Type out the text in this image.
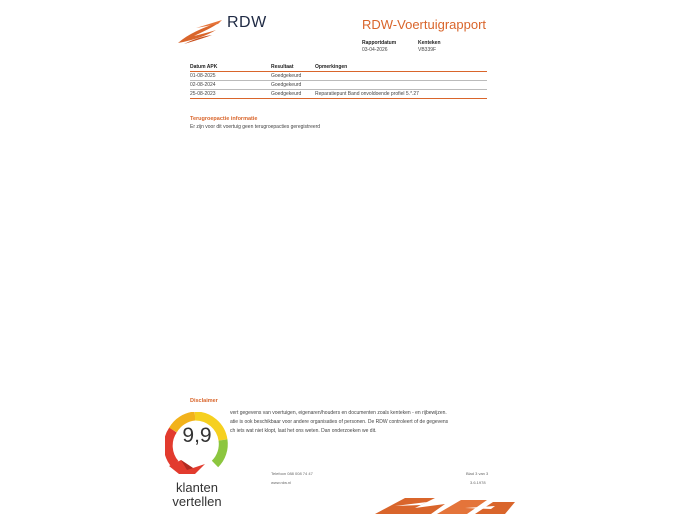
RDW	RDW-Voertuigrapport
Rapportdatum
03-04-2026
Kenteken
VB339F
Datum APK	Resultaat	Opmerkingen
01-08-2025	Goedgekeurd
02-08-2024	Goedgekeurd
25-08-2023	Goedgekeurd	Reparatiepunt Band onvoldoende profiel 5.*.27
Terugroepactie informatie
Er zijn voor dit voertuig geen terugroepacties geregistreerd
Disclaimer
vert gegevens van voertuigen, eigenaren/houders en documenten zoals kenteken - en rijbewijzen.
atie is ook beschikbaar voor andere organisaties of personen. De RDW controleert of de gegevens
ch iets wat niet klopt, laat het ons weten. Dan onderzoeken we dit.
Telefoon 088 008 74 47
www.rdw.nl
Blad 3 van 3
3.6.1978
9,9
klanten
vertellen
